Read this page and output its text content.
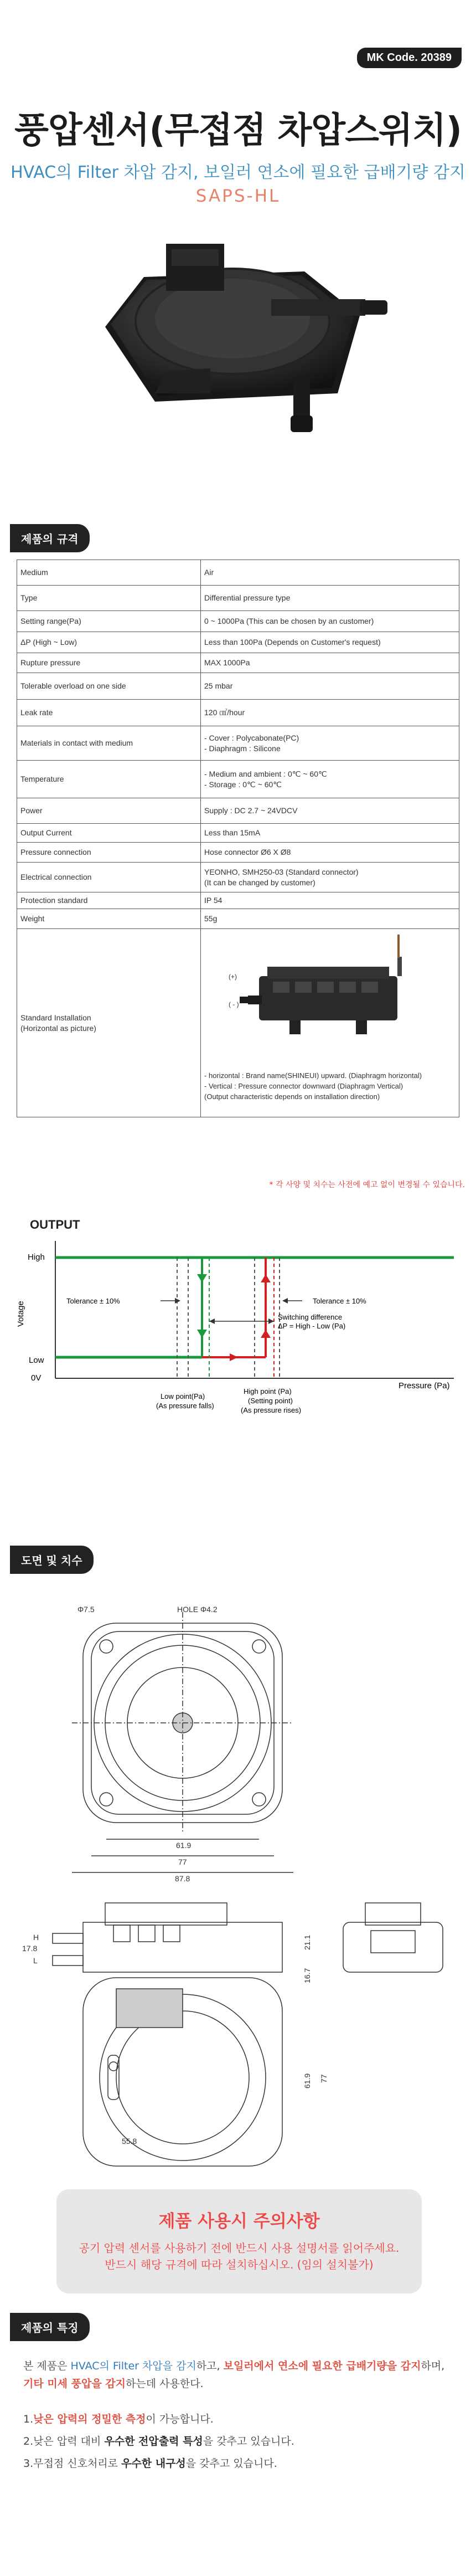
MK Code. 20389
풍압센서(무접점 차압스위치)
HVAC의 Filter 차압 감지, 보일러 연소에 필요한 급배기량 감지
SAPS-HL
제품의 규격
Medium	Air
Type	Differential pressure type
Setting range(Pa)	0 ~ 1000Pa (This can be chosen by an customer)
ΔP (High ~ Low)	Less than 100Pa (Depends on Customer's request)
Rupture pressure	MAX 1000Pa
Tolerable overload on one side	25 mbar
Leak rate	120 ㎤/hour
Materials in contact with medium	- Cover : Polycabonate(PC)
- Diaphragm : Silicone
Temperature	- Medium and ambient : 0℃ ~ 60℃
- Storage : 0℃ ~ 60℃
Power	Supply : DC 2.7 ~ 24VDCV
Output Current	Less than 15mA
Pressure connection	Hose connector Ø6 X Ø8
Electrical connection	YEONHO, SMH250-03 (Standard connector)
(It can be changed by customer)
Protection standard	IP 54
Weight	55g
Standard Installation
(Horizontal as picture)	(+)
( - )
- horizontal : Brand name(SHINEUI) upward. (Diaphragm horizontal)
- Vertical : Pressure connector downward (Diaphragm Vertical)
(Output characteristic depends on installation direction)
* 각 사양 및 치수는 사전에 예고 없이 변경될 수 있습니다.
OUTPUT
High
Low
0V
Votage
Pressure (Pa)
Tolerance ± 10%	Tolerance ± 10%
Switching difference
ΔP = High - Low (Pa)
Low point(Pa)
(As pressure falls)
High point (Pa)
(Setting point)
(As pressure rises)
도면 및 치수
Φ7.5	HOLE Φ4.2
61.9
77
87.8
H
L
17.8	21.1
16.7
55.8
61.9 77
제품 사용시 주의사항
공기 압력 센서를 사용하기 전에 반드시 사용 설명서를 읽어주세요.
반드시 해당 규격에 따라 설치하십시오. (임의 설치불가)
제품의 특징
본 제품은 HVAC의 Filter 차압을 감지하고, 보일러에서 연소에 필요한 급배기량을 감지하며,
기타 미세 풍압을 감지하는데 사용한다.
1.낮은 압력의 정밀한 측정이 가능합니다.
2.낮은 압력 대비 우수한 전압출력 특성을 갖추고 있습니다.
3.무접점 신호처리로 우수한 내구성을 갖추고 있습니다.
